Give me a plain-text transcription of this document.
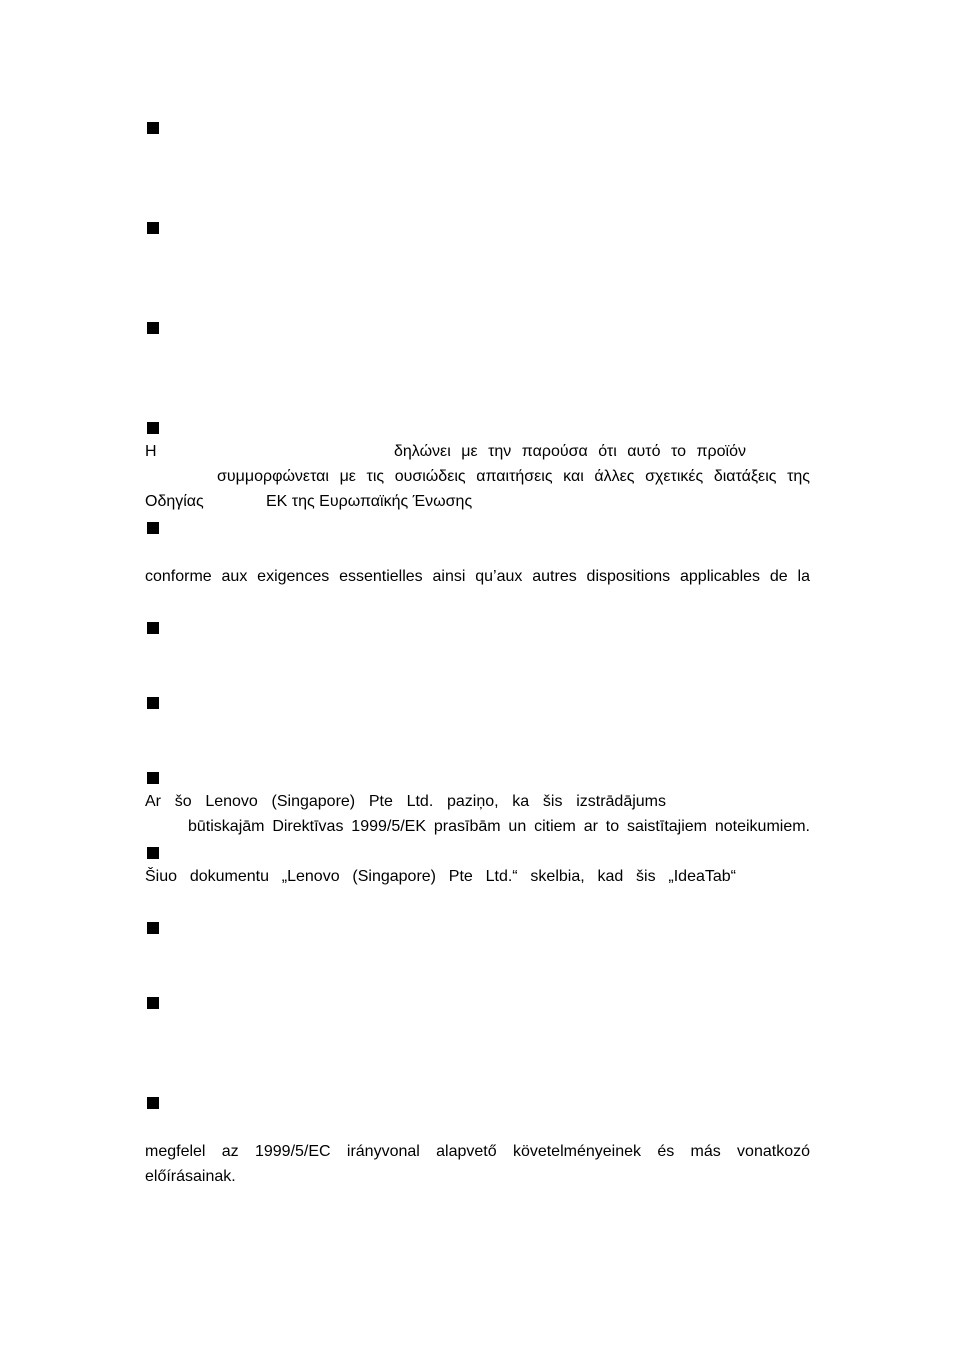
H	δηλώνει με την παρούσα ότι αυτό το προϊόν
συμμορφώνεται με τις ουσιώδεις απαιτήσεις και άλλες σχετικές διατάξεις της
Οδηγίας	ΕΚ της Ευρωπαϊκής Ένωσης
conforme aux exigences essentielles ainsi qu’aux autres dispositions applicables de la
Ar šo Lenovo (Singapore) Pte Ltd. paziņo, ka šis izstrādājums
būtiskajām Direktīvas 1999/5/EK prasībām un citiem ar to saistītajiem noteikumiem.
Šiuo dokumentu „Lenovo (Singapore) Pte Ltd.“ skelbia, kad šis „IdeaTab“
megfelel az 1999/5/EC irányvonal alapvető követelményeinek és más vonatkozó
előírásainak.
